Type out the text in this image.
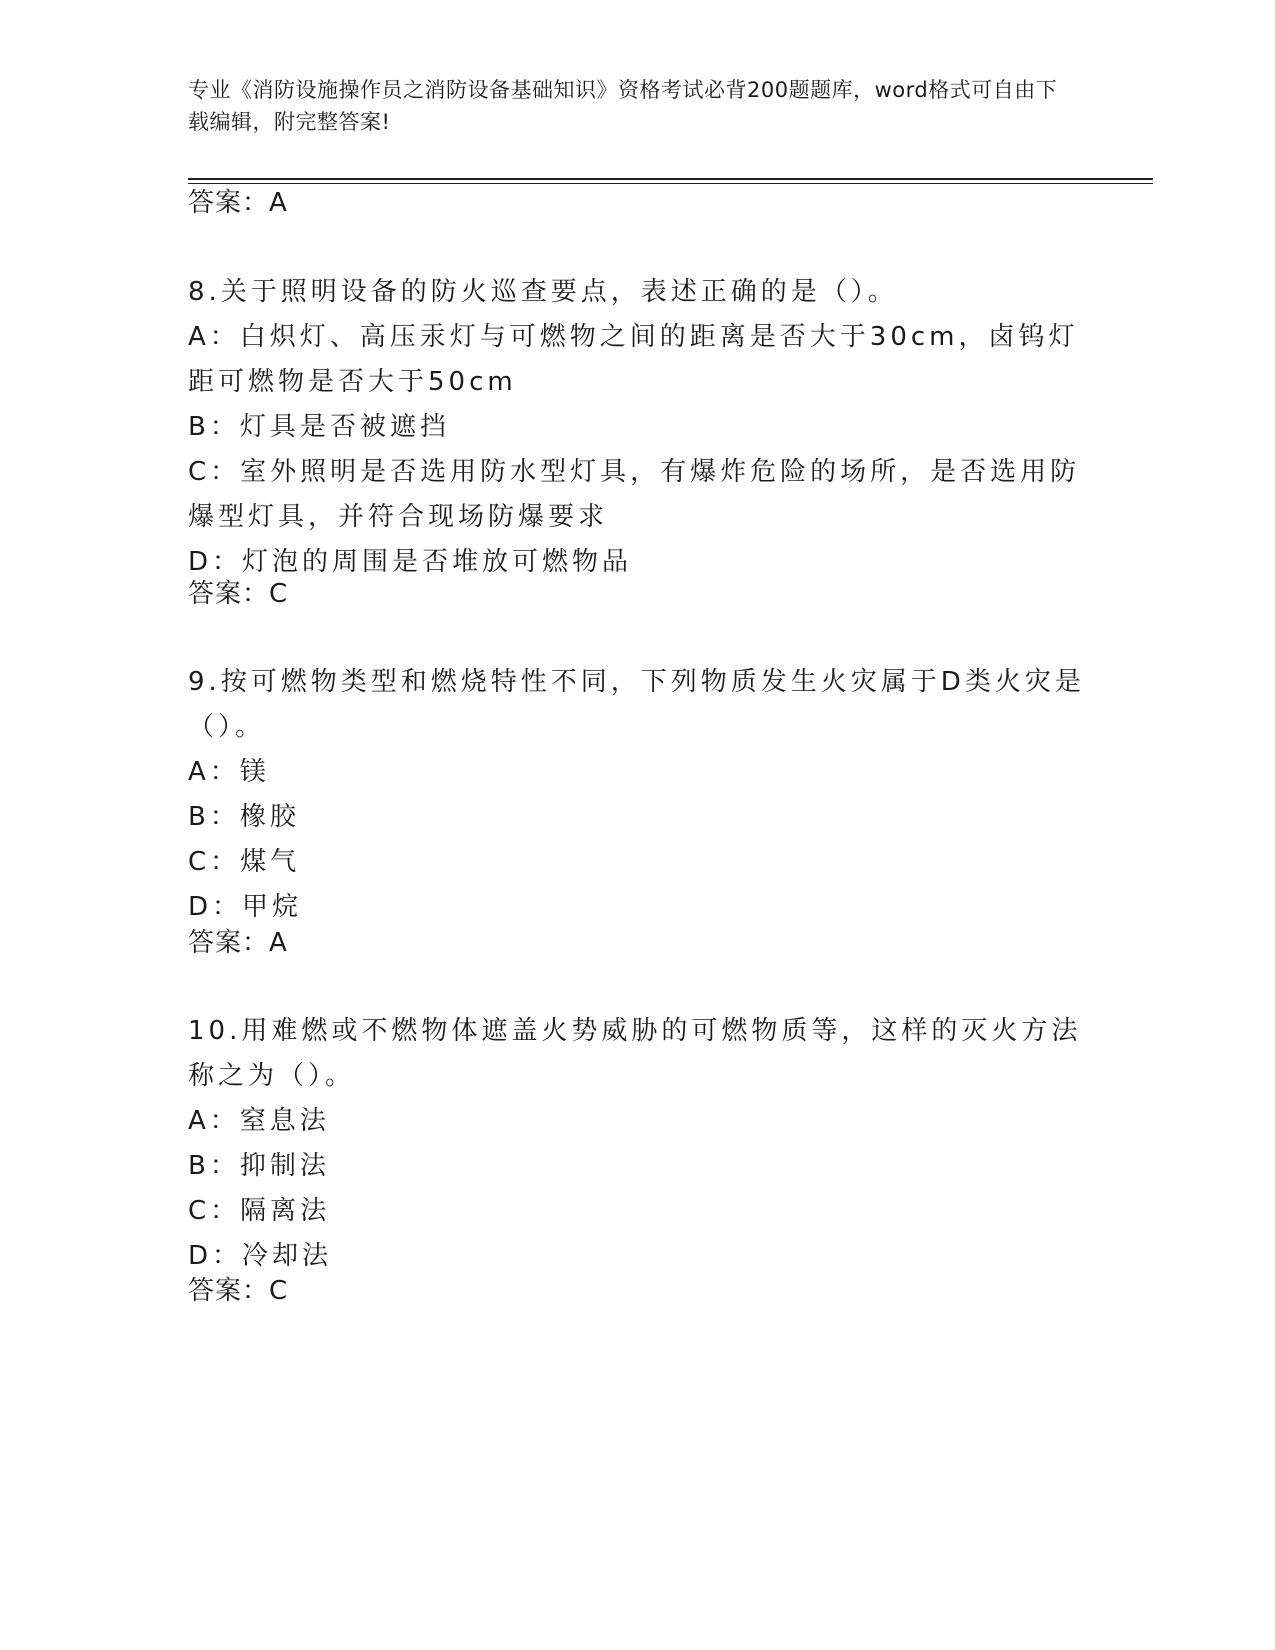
专业《消防设施操作员之消防设备基础知识》资格考试必背200题题库，word格式可自由下载编辑，附完整答案!
答案：A
8.关于照明设备的防火巡查要点，表述正确的是（）。
A：白炽灯、高压汞灯与可燃物之间的距离是否大于30cm，卤钨灯距可燃物是否大于50cm
B：灯具是否被遮挡
C：室外照明是否选用防水型灯具，有爆炸危险的场所，是否选用防爆型灯具，并符合现场防爆要求
D：灯泡的周围是否堆放可燃物品
答案：C
9.按可燃物类型和燃烧特性不同，下列物质发生火灾属于D类火灾是（）。
A：镁
B：橡胶
C：煤气
D：甲烷
答案：A
10.用难燃或不燃物体遮盖火势威胁的可燃物质等，这样的灭火方法称之为（）。
A：窒息法
B：抑制法
C：隔离法
D：冷却法
答案：C
